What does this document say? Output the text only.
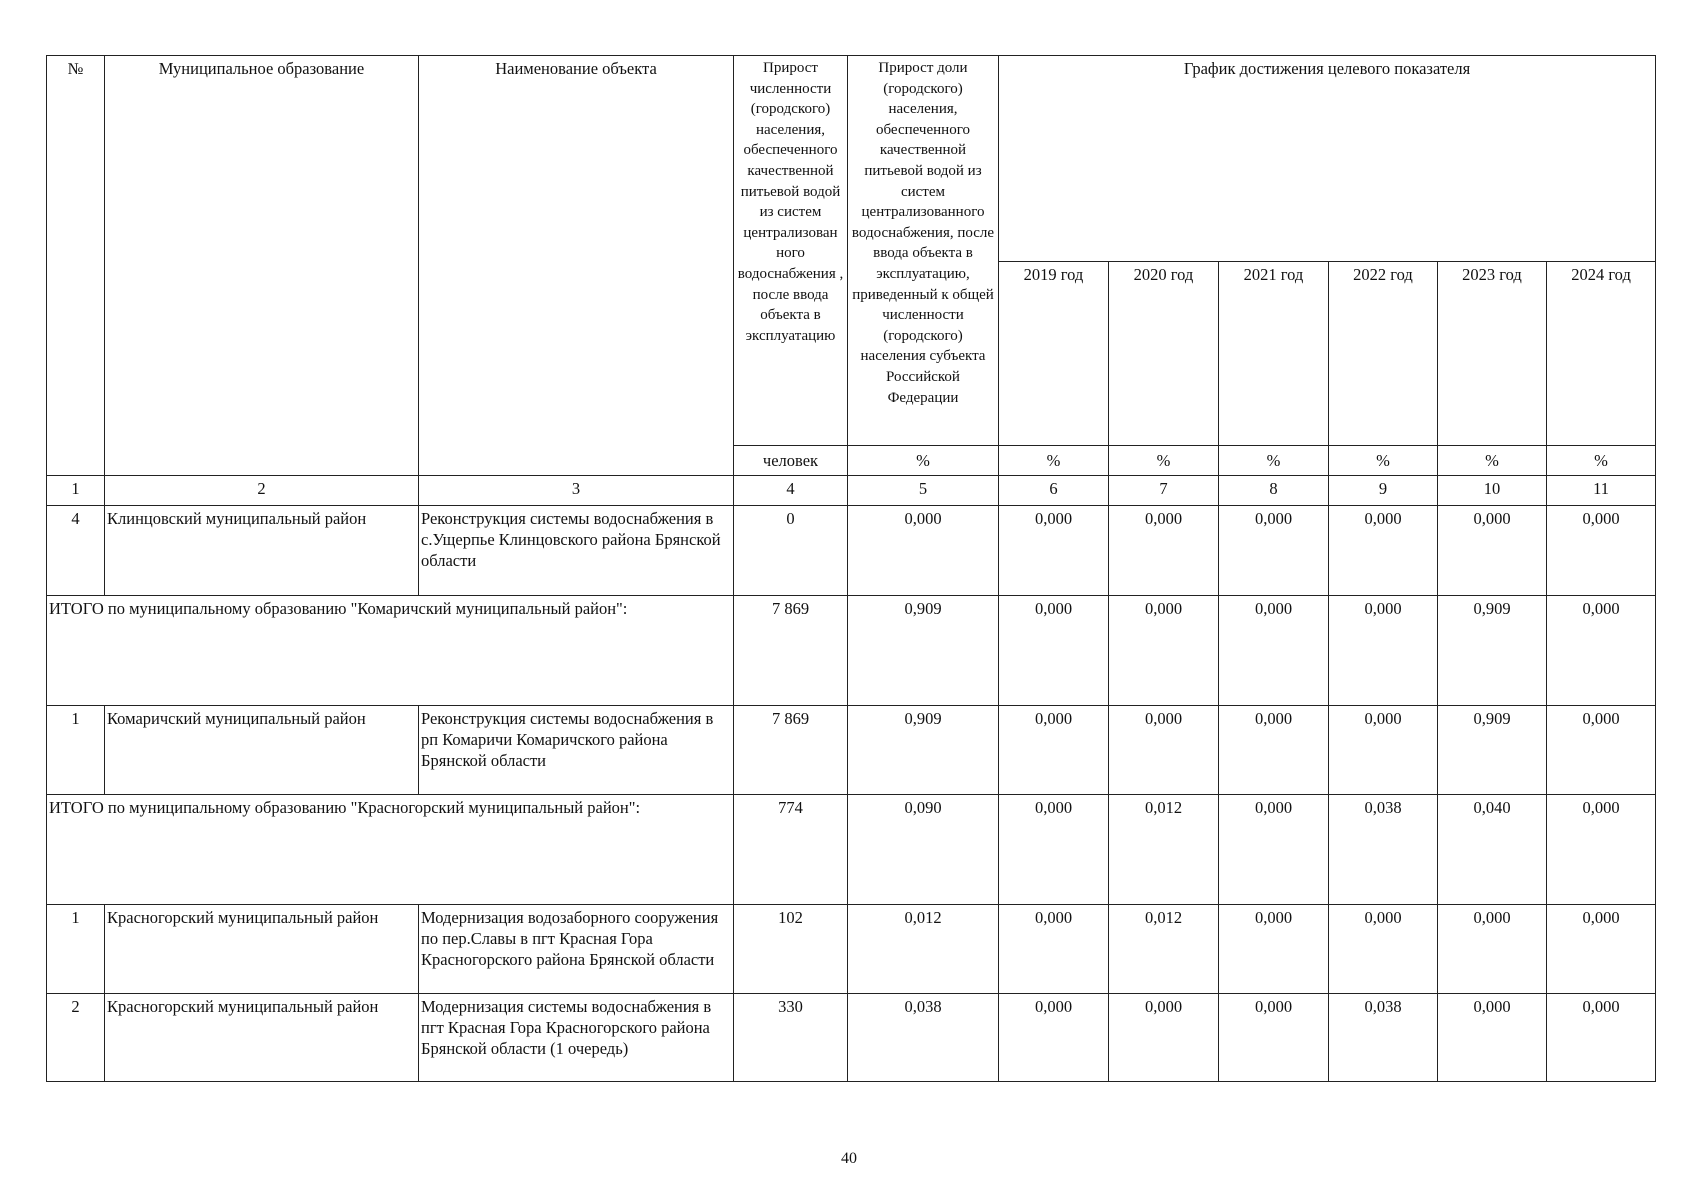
№	Муниципальное образование	Наименование объекта	Прирост численности (городского) населения, обеспеченного качественной питьевой водой из систем централизован ного водоснабжения , после ввода объекта в эксплуатацию	Прирост доли (городского) населения, обеспеченного качественной питьевой водой из систем централизованного водоснабжения, после ввода объекта в эксплуатацию, приведенный к общей численности (городского) населения субъекта Российской Федерации	График достижения целевого показателя					
					2019 год	2020 год	2021 год	2022 год	2023 год	2024 год
			человек	%	%	%	%	%	%	%
1	2	3	4	5	6	7	8	9	10	11
4	Клинцовский муниципальный район	Реконструкция системы водоснабжения в с.Ущерпье Клинцовского района Брянской области	0	0,000	0,000	0,000	0,000	0,000	0,000	0,000
ИТОГО по муниципальному образованию "Комаричский муниципальный район":			7 869	0,909	0,000	0,000	0,000	0,000	0,909	0,000
1	Комаричский муниципальный район	Реконструкция системы водоснабжения в рп Комаричи Комаричского района Брянской области	7 869	0,909	0,000	0,000	0,000	0,000	0,909	0,000
ИТОГО по муниципальному образованию "Красногорский муниципальный район":			774	0,090	0,000	0,012	0,000	0,038	0,040	0,000
1	Красногорский муниципальный район	Модернизация водозаборного сооружения по пер.Славы в пгт Красная Гора Красногорского района Брянской области	102	0,012	0,000	0,012	0,000	0,000	0,000	0,000
2	Красногорский муниципальный район	Модернизация системы водоснабжения в пгт Красная Гора Красногорского района Брянской области (1 очередь)	330	0,038	0,000	0,000	0,000	0,038	0,000	0,000
40
